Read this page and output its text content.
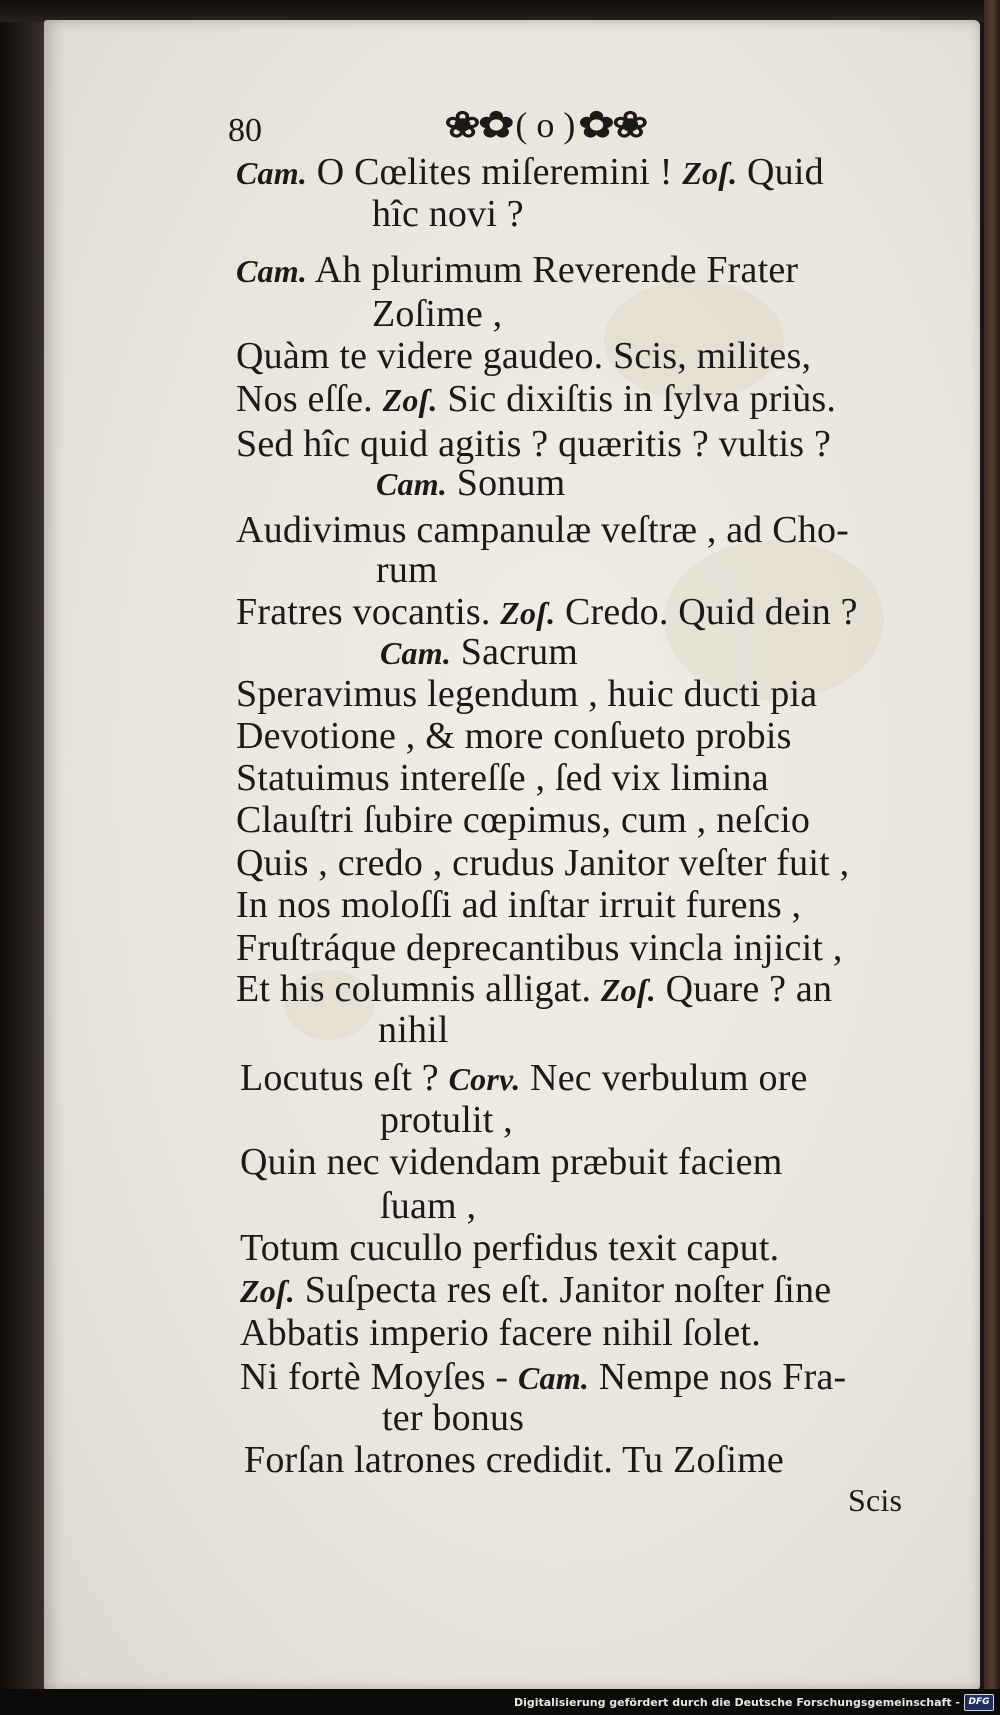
80	❀✿ ( o ) ✿❀
Cam. O Cœlites miſeremini ! Zoſ. Quid
hîc novi ?
Cam. Ah plurimum Reverende Frater
Zoſime ,
Quàm te videre gaudeo. Scis, milites,
Nos eſſe. Zoſ. Sic dixiſtis in ſylva priùs.
Sed hîc quid agitis ? quæritis ? vultis ?
Cam. Sonum
Audivimus campanulæ veſtræ , ad Cho-
rum
Fratres vocantis. Zoſ. Credo. Quid dein ?
Cam. Sacrum
Speravimus legendum , huic ducti pia
Devotione , & more conſueto probis
Statuimus intereſſe , ſed vix limina
Clauſtri ſubire cœpimus, cum , neſcio
Quis , credo , crudus Janitor veſter fuit ,
In nos moloſſi ad inſtar irruit furens ,
Fruſtráque deprecantibus vincla injicit ,
Et his columnis alligat. Zoſ. Quare ? an
nihil
Locutus eſt ? Corv. Nec verbulum ore
protulit ,
Quin nec videndam præbuit faciem
ſuam ,
Totum cucullo perfidus texit caput.
Zoſ. Suſpecta res eſt. Janitor noſter ſine
Abbatis imperio facere nihil ſolet.
Ni fortè Moyſes - Cam. Nempe nos Fra-
ter bonus
Forſan latrones credidit. Tu Zoſime
Scis
Digitalisierung gefördert durch die Deutsche Forschungsgemeinschaft - DFG
